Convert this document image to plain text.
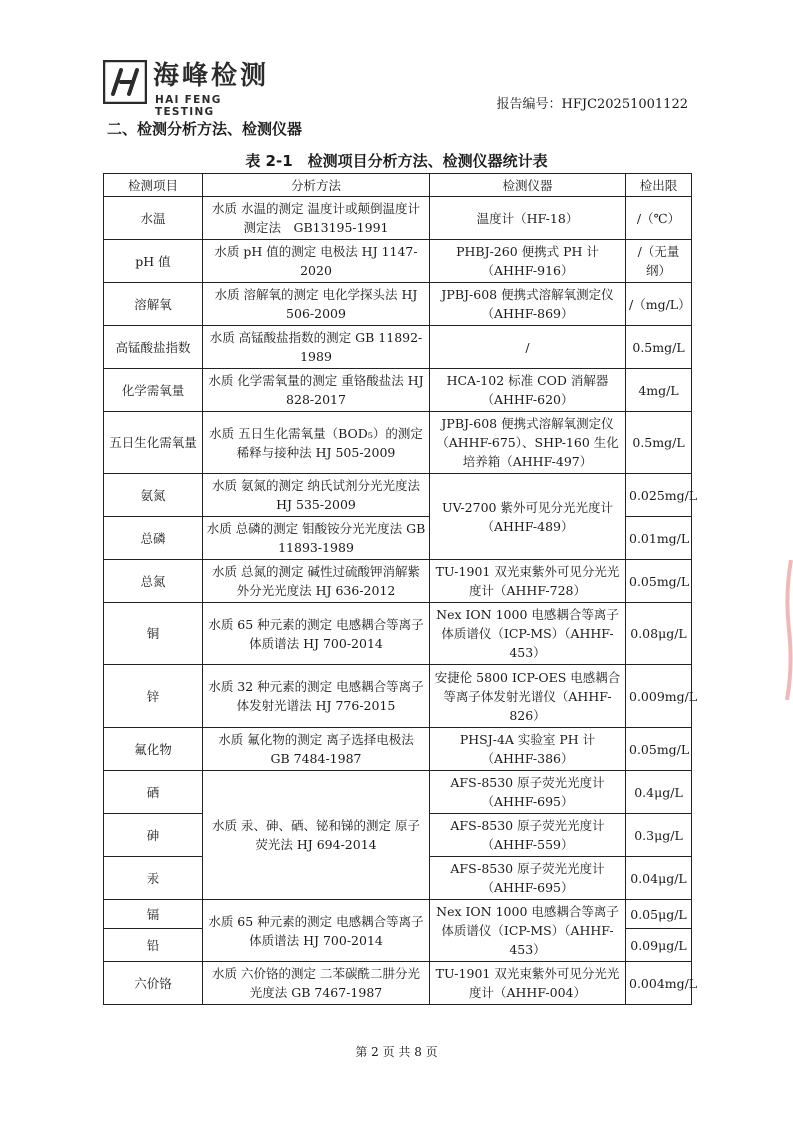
海峰检测
HAI FENG TESTING	报告编号：HFJC20251001122
二、检测分析方法、检测仪器
表 2-1　检测项目分析方法、检测仪器统计表
检测项目	分析方法	检测仪器	检出限
水温	水质 水温的测定 温度计或颠倒温度计测定法　GB13195-1991	温度计（HF-18）	/（℃）
pH 值	水质 pH 值的测定 电极法 HJ 1147-2020	PHBJ-260 便携式 PH 计（AHHF-916）	/（无量纲）
溶解氧	水质 溶解氧的测定 电化学探头法 HJ 506-2009	JPBJ-608 便携式溶解氧测定仪（AHHF-869）	/（mg/L）
高锰酸盐指数	水质 高锰酸盐指数的测定 GB 11892-1989	/	0.5mg/L
化学需氧量	水质 化学需氧量的测定 重铬酸盐法 HJ 828-2017	HCA-102 标准 COD 消解器（AHHF-620）	4mg/L
五日生化需氧量	水质 五日生化需氧量（BOD₅）的测定 稀释与接种法 HJ 505-2009	JPBJ-608 便携式溶解氧测定仪（AHHF-675）、SHP-160 生化培养箱（AHHF-497）	0.5mg/L
氨氮	水质 氨氮的测定 纳氏试剂分光光度法 HJ 535-2009	UV-2700 紫外可见分光光度计（AHHF-489）	0.025mg/L
总磷	水质 总磷的测定 钼酸铵分光光度法 GB 11893-1989		0.01mg/L
总氮	水质 总氮的测定 碱性过硫酸钾消解紫外分光光度法 HJ 636-2012	TU-1901 双光束紫外可见分光光度计（AHHF-728）	0.05mg/L
铜	水质 65 种元素的测定 电感耦合等离子体质谱法 HJ 700-2014	Nex ION 1000 电感耦合等离子体质谱仪（ICP-MS）（AHHF-453）	0.08μg/L
锌	水质 32 种元素的测定 电感耦合等离子体发射光谱法 HJ 776-2015	安捷伦 5800 ICP-OES 电感耦合等离子体发射光谱仪（AHHF-826）	0.009mg/L
氟化物	水质 氟化物的测定 离子选择电极法　GB 7484-1987	PHSJ-4A 实验室 PH 计（AHHF-386）	0.05mg/L
硒	水质 汞、砷、硒、铋和锑的测定 原子荧光法 HJ 694-2014	AFS-8530 原子荧光光度计（AHHF-695）	0.4μg/L
砷		AFS-8530 原子荧光光度计（AHHF-559）	0.3μg/L
汞		AFS-8530 原子荧光光度计（AHHF-695）	0.04μg/L
镉	水质 65 种元素的测定 电感耦合等离子体质谱法 HJ 700-2014	Nex ION 1000 电感耦合等离子体质谱仪（ICP-MS）（AHHF-453）	0.05μg/L
铅			0.09μg/L
六价铬	水质 六价铬的测定 二苯碳酰二肼分光光度法 GB 7467-1987	TU-1901 双光束紫外可见分光光度计（AHHF-004）	0.004mg/L
第 2 页 共 8 页
